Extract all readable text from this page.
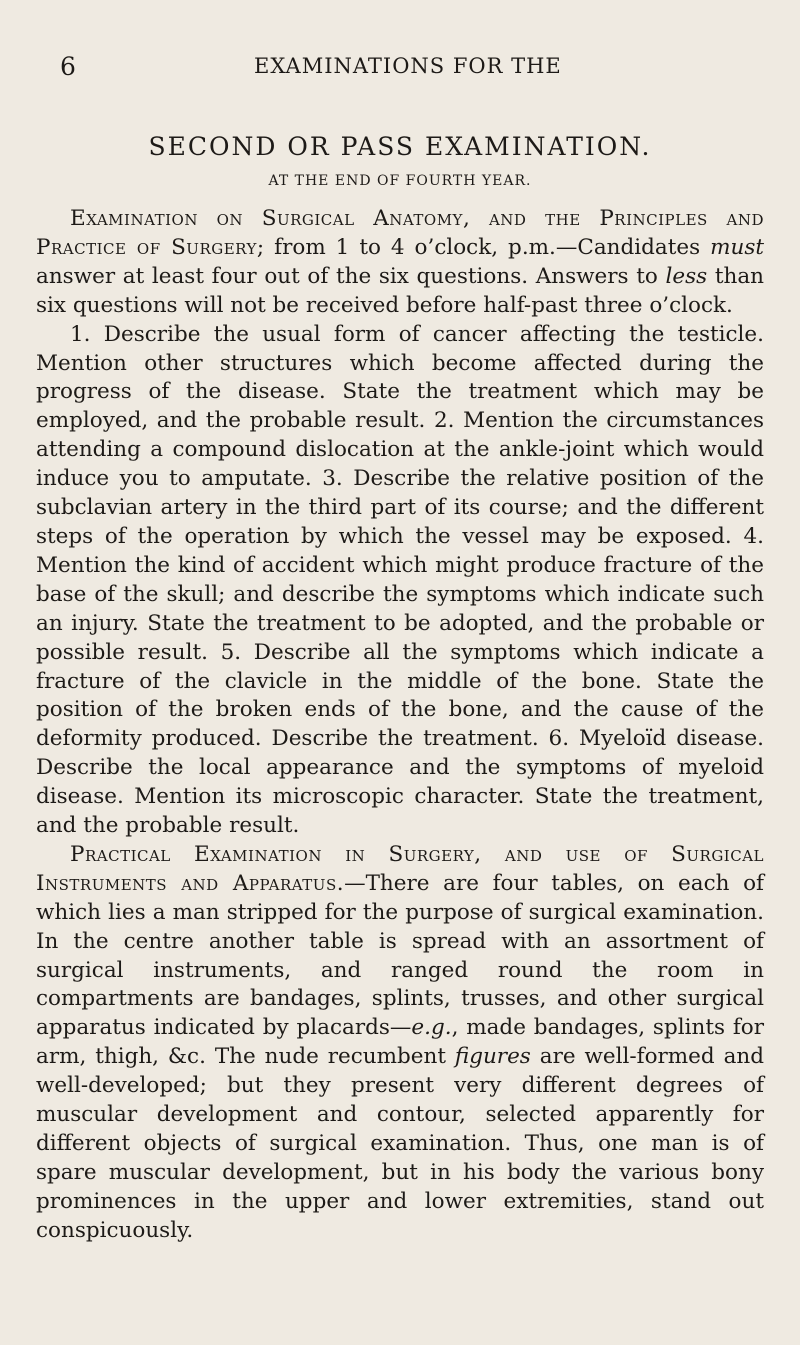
6	EXAMINATIONS FOR THE
SECOND OR PASS EXAMINATION.
AT THE END OF FOURTH YEAR.

Examination on Surgical Anatomy, and the Principles and Practice of Surgery; from 1 to 4 o’clock, p.m.—Candidates must answer at least four out of the six questions. Answers to less than six questions will not be received before half-past three o’clock.

1. Describe the usual form of cancer affecting the testicle. Mention other structures which become affected during the progress of the disease. State the treatment which may be employed, and the probable result. 2. Mention the circumstances attending a compound dislocation at the ankle-joint which would induce you to amputate. 3. Describe the relative position of the subclavian artery in the third part of its course; and the different steps of the operation by which the vessel may be exposed. 4. Mention the kind of accident which might produce fracture of the base of the skull; and describe the symptoms which indicate such an injury. State the treatment to be adopted, and the probable or possible result. 5. Describe all the symptoms which indicate a fracture of the clavicle in the middle of the bone. State the position of the broken ends of the bone, and the cause of the deformity produced. Describe the treatment. 6. Myeloïd disease. Describe the local appearance and the symptoms of myeloid disease. Mention its microscopic character. State the treatment, and the probable result.

Practical Examination in Surgery, and use of Surgical Instruments and Apparatus.—There are four tables, on each of which lies a man stripped for the purpose of surgical examination. In the centre another table is spread with an assortment of surgical instruments, and ranged round the room in compartments are bandages, splints, trusses, and other surgical apparatus indicated by placards—e.g., made bandages, splints for arm, thigh, &c. The nude recumbent figures are well-formed and well-developed; but they present very different degrees of muscular development and contour, selected apparently for different objects of surgical examination. Thus, one man is of spare muscular development, but in his body the various bony prominences in the upper and lower extremities, stand out conspicuously.
